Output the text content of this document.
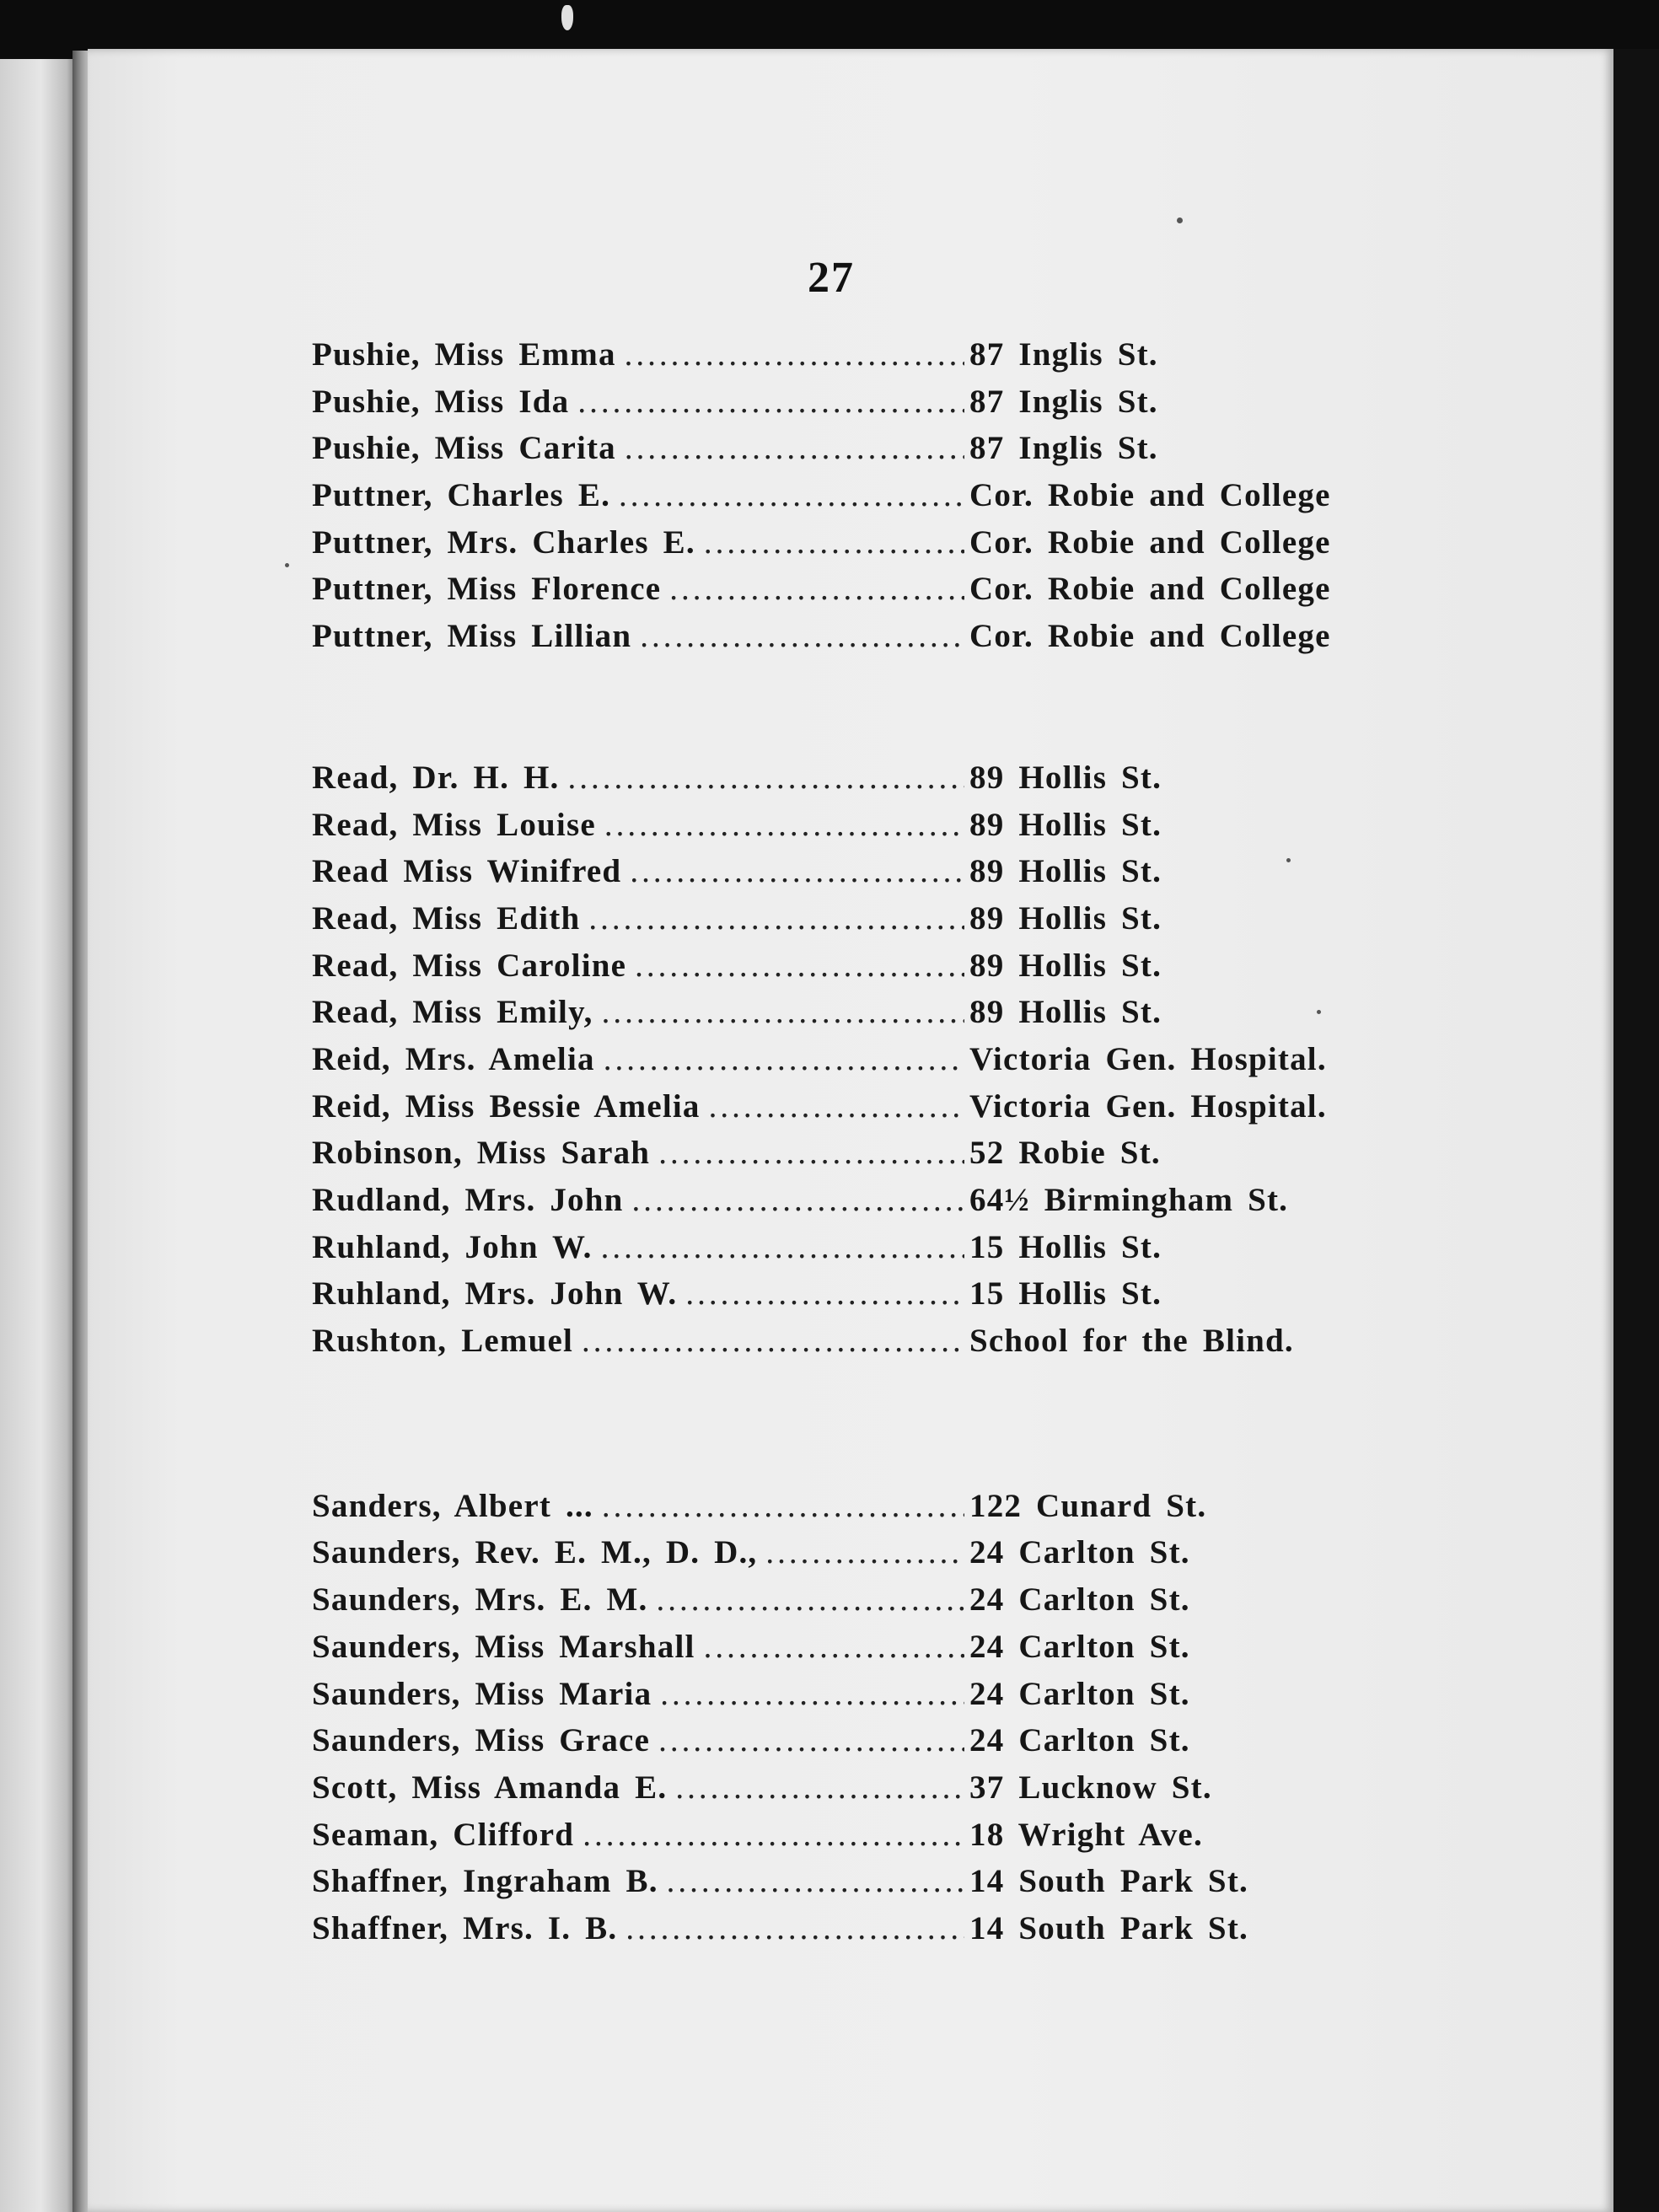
27
Pushie, Miss Emma .....	87 Inglis St.
Pushie, Miss Ida .....	87 Inglis St.
Pushie, Miss Carita .....	87 Inglis St.
Puttner, Charles E. .....	Cor. Robie and College
Puttner, Mrs. Charles E. .....	Cor. Robie and College
Puttner, Miss Florence .....	Cor. Robie and College
Puttner, Miss Lillian .....	Cor. Robie and College
Read, Dr. H. H. .....	89 Hollis St.
Read, Miss Louise .....	89 Hollis St.
Read Miss Winifred .....	89 Hollis St.
Read, Miss Edith .....	89 Hollis St.
Read, Miss Caroline .....	89 Hollis St.
Read, Miss Emily, .....	89 Hollis St.
Reid, Mrs. Amelia .....	Victoria Gen. Hospital.
Reid, Miss Bessie Amelia .....	Victoria Gen. Hospital.
Robinson, Miss Sarah .....	52 Robie St.
Rudland, Mrs. John .....	64½ Birmingham St.
Ruhland, John W. .....	15 Hollis St.
Ruhland, Mrs. John W. .....	15 Hollis St.
Rushton, Lemuel .....	School for the Blind.
Sanders, Albert ... .....	122 Cunard St.
Saunders, Rev. E. M., D. D., .....	24 Carlton St.
Saunders, Mrs. E. M. .....	24 Carlton St.
Saunders, Miss Marshall .....	24 Carlton St.
Saunders, Miss Maria .....	24 Carlton St.
Saunders, Miss Grace .....	24 Carlton St.
Scott, Miss Amanda E. .....	37 Lucknow St.
Seaman, Clifford .....	18 Wright Ave.
Shaffner, Ingraham B. .....	14 South Park St.
Shaffner, Mrs. I. B. .....	14 South Park St.
